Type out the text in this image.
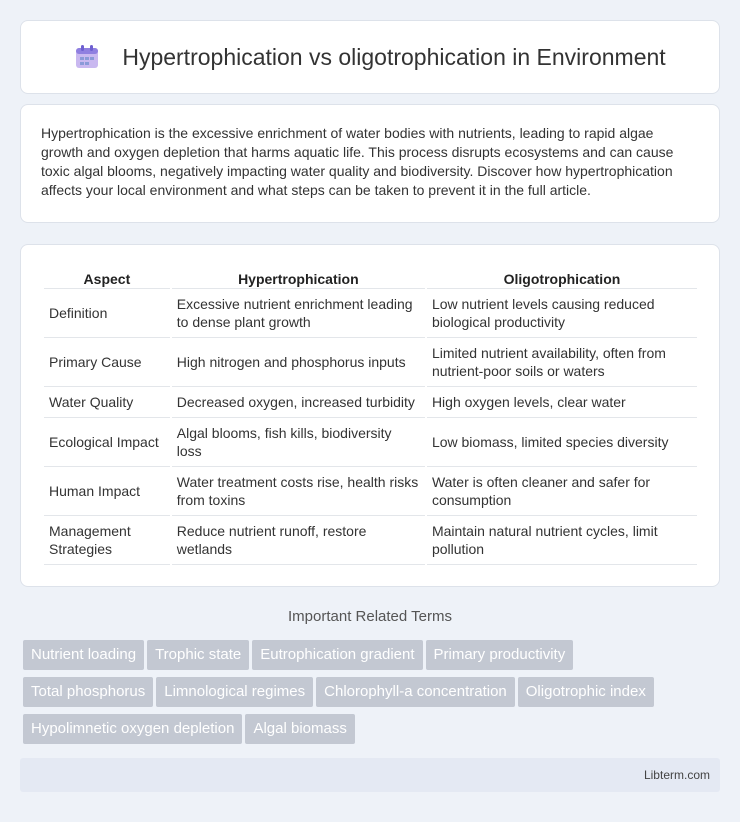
Hypertrophication vs oligotrophication in Environment

Hypertrophication is the excessive enrichment of water bodies with nutrients, leading to rapid algae growth and oxygen depletion that harms aquatic life. This process disrupts ecosystems and can cause toxic algal blooms, negatively impacting water quality and biodiversity. Discover how hypertrophication affects your local environment and what steps can be taken to prevent it in the full article.

Aspect	Hypertrophication	Oligotrophication
Definition	Excessive nutrient enrichment leading to dense plant growth	Low nutrient levels causing reduced biological productivity
Primary Cause	High nitrogen and phosphorus inputs	Limited nutrient availability, often from nutrient-poor soils or waters
Water Quality	Decreased oxygen, increased turbidity	High oxygen levels, clear water
Ecological Impact	Algal blooms, fish kills, biodiversity loss	Low biomass, limited species diversity
Human Impact	Water treatment costs rise, health risks from toxins	Water is often cleaner and safer for consumption
Management Strategies	Reduce nutrient runoff, restore wetlands	Maintain natural nutrient cycles, limit pollution
Important Related Terms
Nutrient loading Trophic state Eutrophication gradient Primary productivity
Total phosphorus Limnological regimes Chlorophyll-a concentration Oligotrophic index
Hypolimnetic oxygen depletion Algal biomass
Libterm.com
